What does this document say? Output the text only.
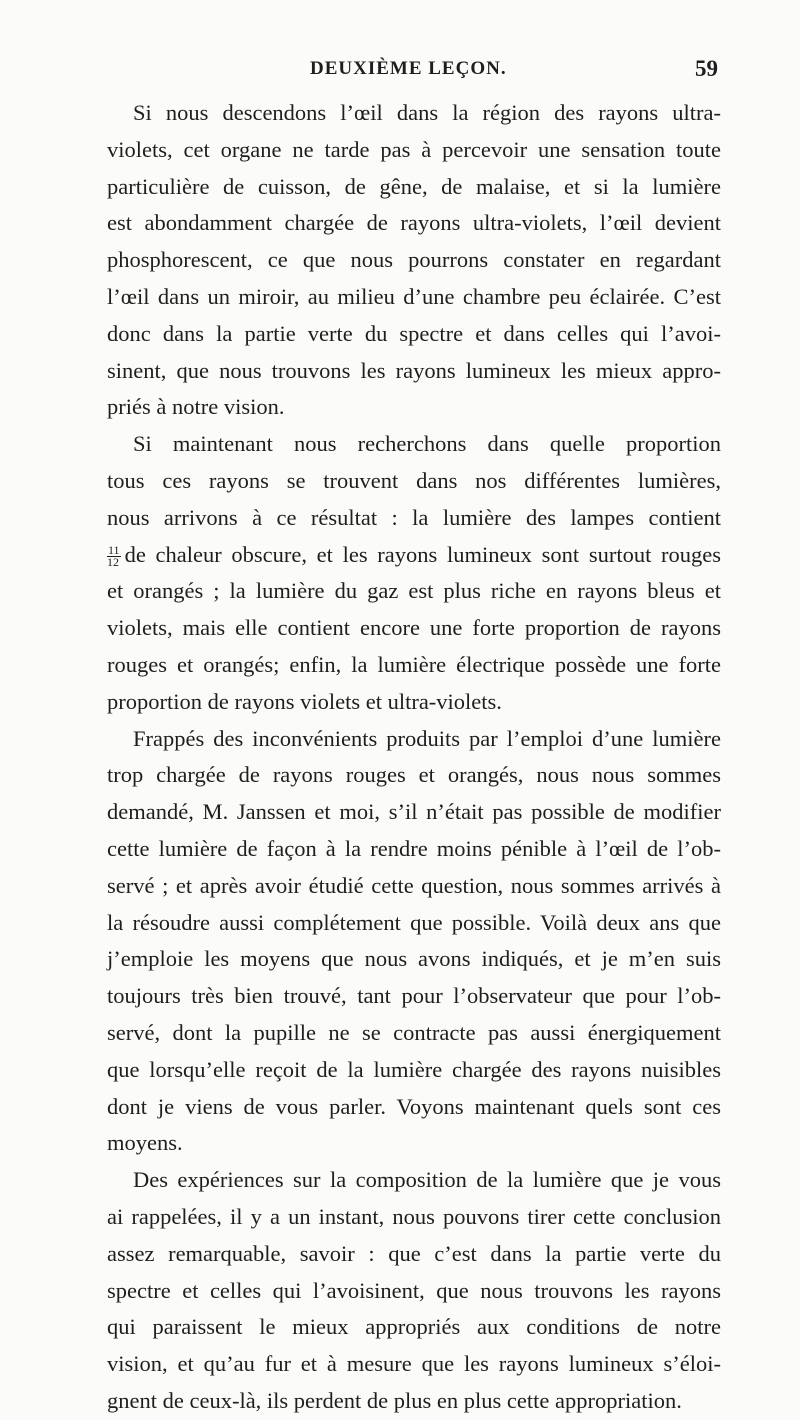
DEUXIÈME LEÇON.	59
Si nous descendons l’œil dans la région des rayons ultra-
violets, cet organe ne tarde pas à percevoir une sensation toute
particulière de cuisson, de gêne, de malaise, et si la lumière
est abondamment chargée de rayons ultra-violets, l’œil devient
phosphorescent, ce que nous pourrons constater en regardant
l’œil dans un miroir, au milieu d’une chambre peu éclairée. C’est
donc dans la partie verte du spectre et dans celles qui l’avoi-
sinent, que nous trouvons les rayons lumineux les mieux appro-
priés à notre vision.
Si maintenant nous recherchons dans quelle proportion
tous ces rayons se trouvent dans nos différentes lumières,
nous arrivons à ce résultat : la lumière des lampes contient
$\frac{11}{12}$ de chaleur obscure, et les rayons lumineux sont surtout rouges
et orangés ; la lumière du gaz est plus riche en rayons bleus et
violets, mais elle contient encore une forte proportion de rayons
rouges et orangés; enfin, la lumière électrique possède une forte
proportion de rayons violets et ultra-violets.
Frappés des inconvénients produits par l’emploi d’une lumière
trop chargée de rayons rouges et orangés, nous nous sommes
demandé, M. Janssen et moi, s’il n’était pas possible de modifier
cette lumière de façon à la rendre moins pénible à l’œil de l’ob-
servé ; et après avoir étudié cette question, nous sommes arrivés à
la résoudre aussi complétement que possible. Voilà deux ans que
j’emploie les moyens que nous avons indiqués, et je m’en suis
toujours très bien trouvé, tant pour l’observateur que pour l’ob-
servé, dont la pupille ne se contracte pas aussi énergiquement
que lorsqu’elle reçoit de la lumière chargée des rayons nuisibles
dont je viens de vous parler. Voyons maintenant quels sont ces
moyens.
Des expériences sur la composition de la lumière que je vous
ai rappelées, il y a un instant, nous pouvons tirer cette conclusion
assez remarquable, savoir : que c’est dans la partie verte du
spectre et celles qui l’avoisinent, que nous trouvons les rayons
qui paraissent le mieux appropriés aux conditions de notre
vision, et qu’au fur et à mesure que les rayons lumineux s’éloi-
gnent de ceux-là, ils perdent de plus en plus cette appropriation.
